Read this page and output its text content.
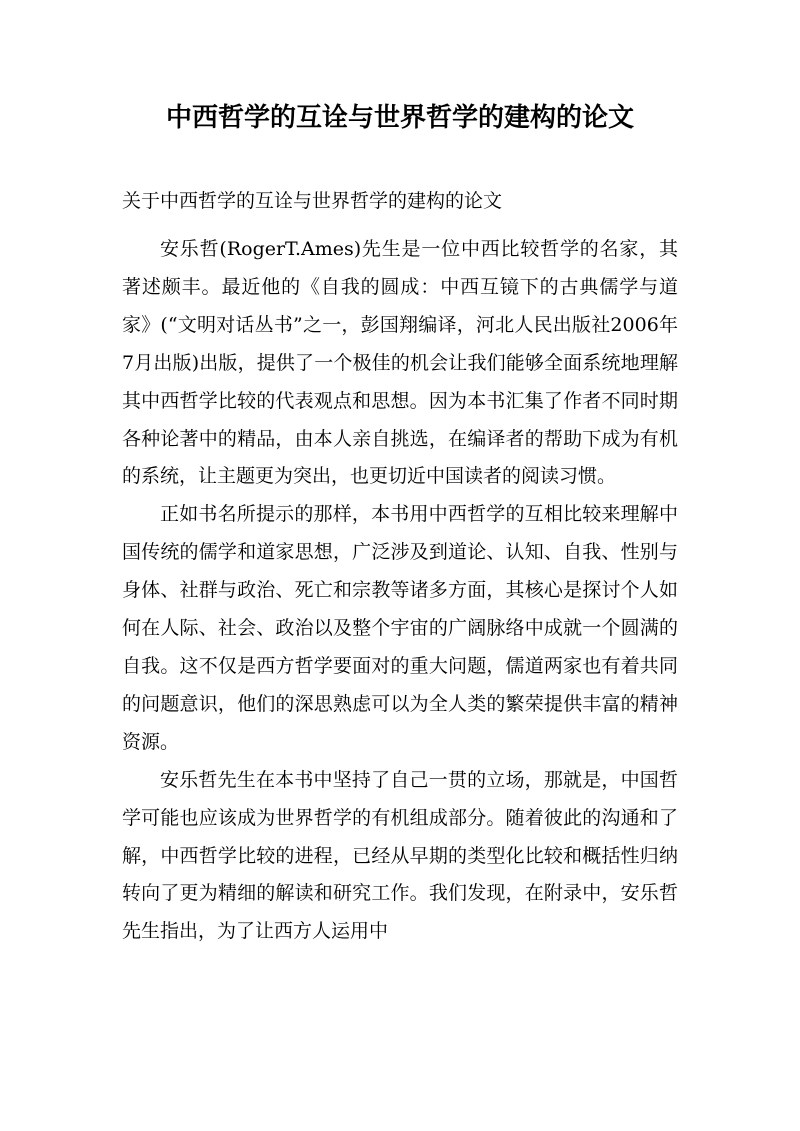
中西哲学的互诠与世界哲学的建构的论文

关于中西哲学的互诠与世界哲学的建构的论文

安乐哲(RogerT.Ames)先生是一位中西比较哲学的名家，其著述颇丰。最近他的《自我的圆成：中西互镜下的古典儒学与道家》(“文明对话丛书”之一，彭国翔编译，河北人民出版社2006年7月出版)出版，提供了一个极佳的机会让我们能够全面系统地理解其中西哲学比较的代表观点和思想。因为本书汇集了作者不同时期各种论著中的精品，由本人亲自挑选，在编译者的帮助下成为有机的系统，让主题更为突出，也更切近中国读者的阅读习惯。

正如书名所提示的那样，本书用中西哲学的互相比较来理解中国传统的儒学和道家思想，广泛涉及到道论、认知、自我、性别与身体、社群与政治、死亡和宗教等诸多方面，其核心是探讨个人如何在人际、社会、政治以及整个宇宙的广阔脉络中成就一个圆满的自我。这不仅是西方哲学要面对的重大问题，儒道两家也有着共同的问题意识，他们的深思熟虑可以为全人类的繁荣提供丰富的精神资源。

安乐哲先生在本书中坚持了自己一贯的立场，那就是，中国哲学可能也应该成为世界哲学的有机组成部分。随着彼此的沟通和了解，中西哲学比较的进程，已经从早期的类型化比较和概括性归纳转向了更为精细的解读和研究工作。我们发现，在附录中，安乐哲先生指出，为了让西方人运用中
